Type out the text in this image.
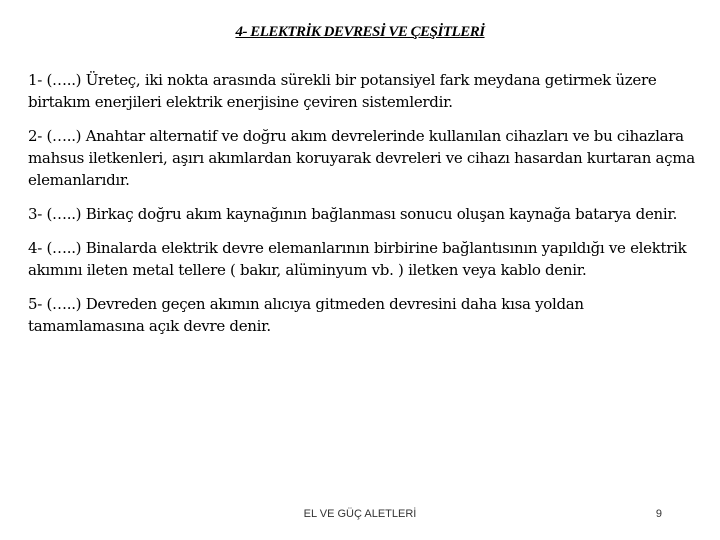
4- ELEKTRİK DEVRESİ VE ÇEŞİTLERİ

1- (…..) Üreteç, iki nokta arasında sürekli bir potansiyel fark meydana getirmek üzere birtakım enerjileri elektrik enerjisine çeviren sistemlerdir.

2- (…..) Anahtar alternatif ve doğru akım devrelerinde kullanılan cihazları ve bu cihazlara mahsus iletkenleri, aşırı akımlardan koruyarak devreleri ve cihazı hasardan kurtaran açma elemanlarıdır.

3- (…..) Birkaç doğru akım kaynağının bağlanması sonucu oluşan kaynağa batarya denir.

4- (…..) Binalarda elektrik devre elemanlarının birbirine bağlantısının yapıldığı ve elektrik akımını ileten metal tellere ( bakır, alüminyum vb. ) iletken veya kablo denir.

5- (…..) Devreden geçen akımın alıcıya gitmeden devresini daha kısa yoldan tamamlamasına açık devre denir.

EL VE GÜÇ ALETLERİ	9
